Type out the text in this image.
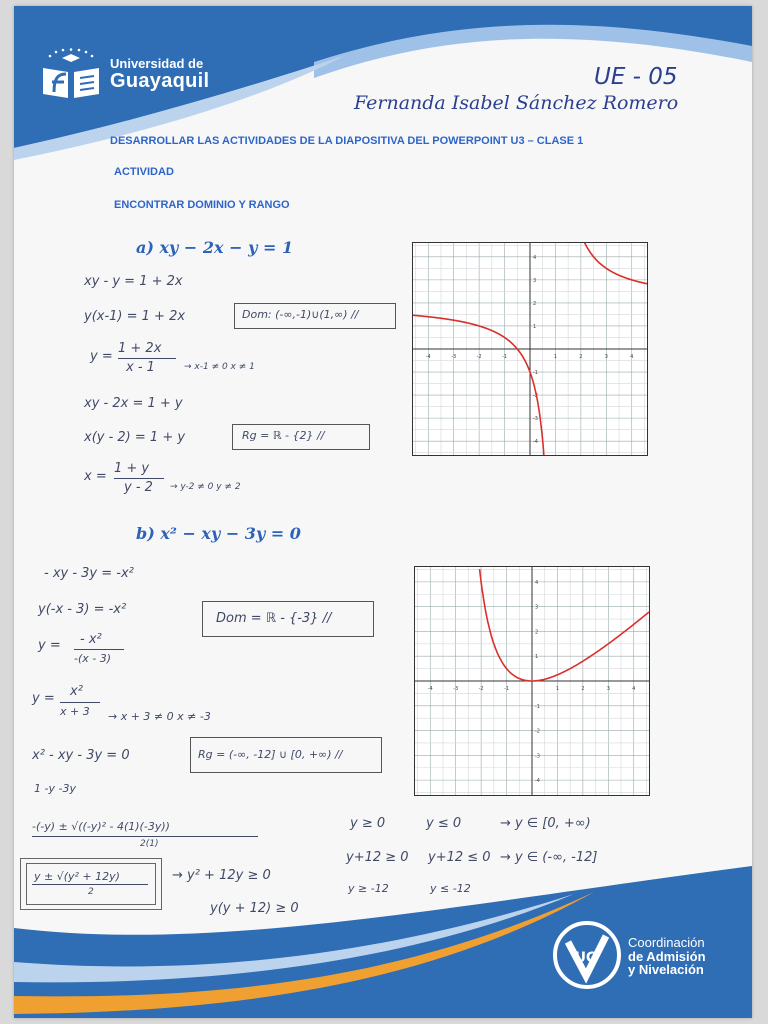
Universidad de
Guayaquil	UE - 05
Fernanda Isabel Sánchez Romero
DESARROLLAR LAS ACTIVIDADES DE LA DIAPOSITIVA DEL POWERPOINT U3 – CLASE 1
ACTIVIDAD
ENCONTRAR DOMINIO Y RANGO
a) xy − 2x − y = 1
xy - y = 1 + 2x
y(x-1) = 1 + 2x	Dom: (-∞,-1)∪(1,∞) //
y =
1 + 2x
x - 1	→ x-1 ≠ 0 x ≠ 1
xy - 2x = 1 + y
x(y - 2) = 1 + y	Rg = ℝ - {2} //
x =
1 + y
y - 2 → y-2 ≠ 0 y ≠ 2
-4
-4
-3
-3
-2
-2
-1
-1
1
1
2
2
3
3
4
4
b) x² − xy − 3y = 0
- xy - 3y = -x²
y(-x - 3) = -x²
Dom = ℝ - {-3} //
y = - x²
-(x - 3)
y = x²
x + 3 → x + 3 ≠ 0 x ≠ -3
x² - xy - 3y = 0	Rg = (-∞, -12] ∪ [0, +∞) //
1 -y -3y
-(-y) ± √((-y)² - 4(1)(-3y))
2(1)
y ± √(y² + 12y)
2
→ y² + 12y ≥ 0
y(y + 12) ≥ 0
y ≥ 0	y ≤ 0	→ y ∈ [0, +∞)
y+12 ≥ 0 y+12 ≤ 0 → y ∈ (-∞, -12]
y ≥ -12	y ≤ -12
-4
-4
-3
-3
-2
-2
-1
-1
1
1
2
2
3
3
4
4
UG
Coordinación
de Admisión
y Nivelación
